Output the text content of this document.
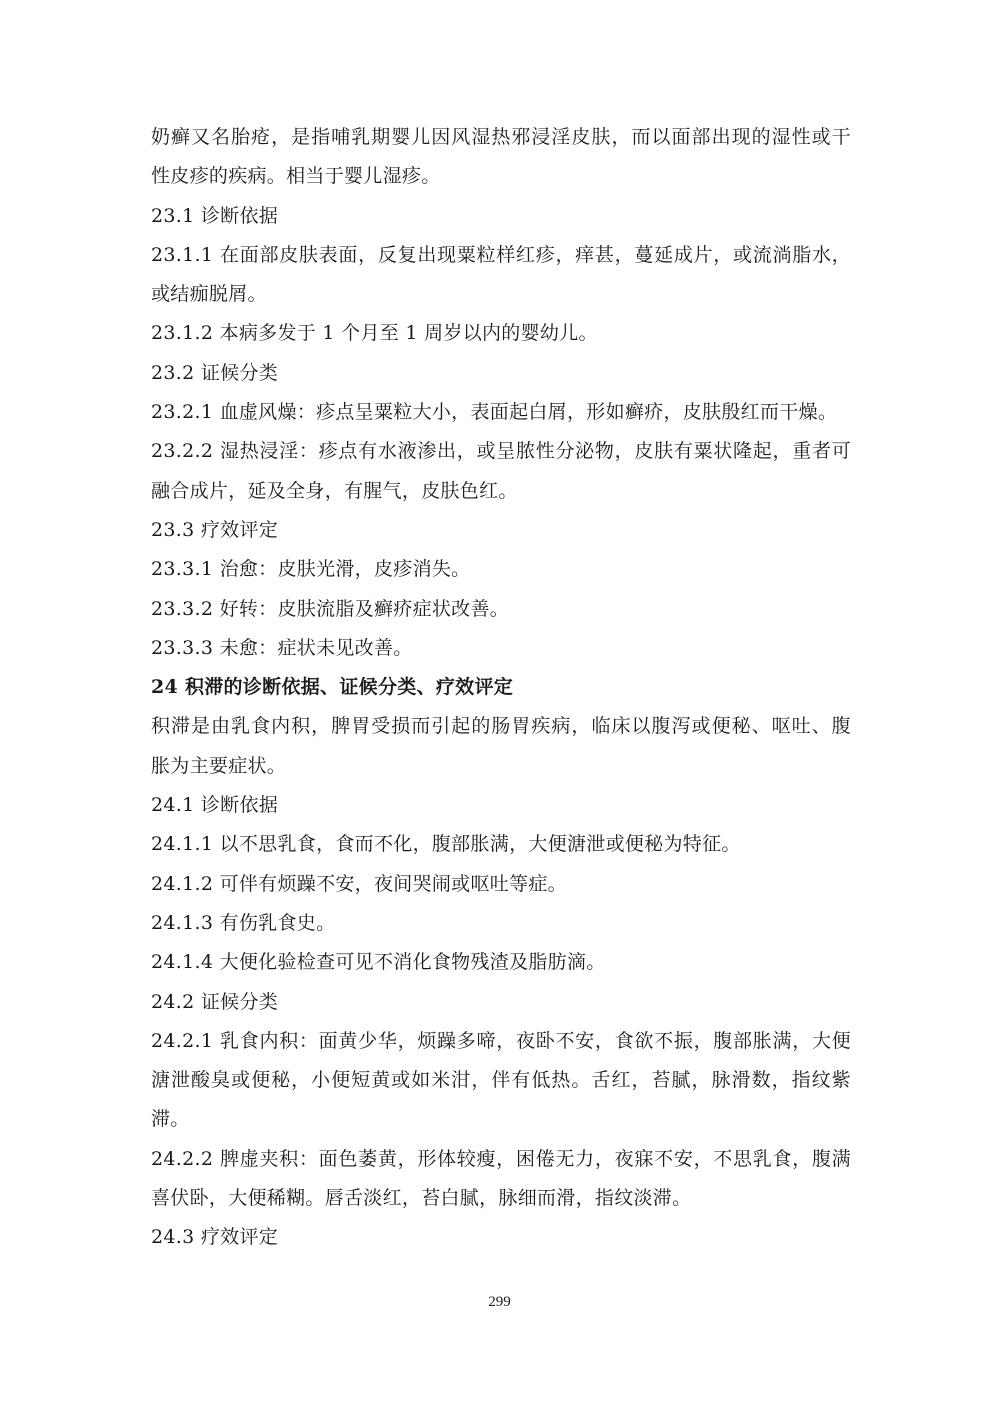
奶癣又名胎疮，是指哺乳期婴儿因风湿热邪浸淫皮肤，而以面部出现的湿性或干
性皮疹的疾病。相当于婴儿湿疹。
23.1 诊断依据
23.1.1 在面部皮肤表面，反复出现粟粒样红疹，痒甚，蔓延成片，或流淌脂水，
或结痂脱屑。
23.1.2 本病多发于 1 个月至 1 周岁以内的婴幼儿。
23.2 证候分类
23.2.1 血虚风燥：疹点呈粟粒大小，表面起白屑，形如癣疥，皮肤殷红而干燥。
23.2.2 湿热浸淫：疹点有水液渗出，或呈脓性分泌物，皮肤有粟状隆起，重者可
融合成片，延及全身，有腥气，皮肤色红。
23.3 疗效评定
23.3.1 治愈：皮肤光滑，皮疹消失。
23.3.2 好转：皮肤流脂及癣疥症状改善。
23.3.3 未愈：症状未见改善。
24 积滞的诊断依据、证候分类、疗效评定
积滞是由乳食内积，脾胃受损而引起的肠胃疾病，临床以腹泻或便秘、呕吐、腹
胀为主要症状。
24.1 诊断依据
24.1.1 以不思乳食，食而不化，腹部胀满，大便溏泄或便秘为特征。
24.1.2 可伴有烦躁不安，夜间哭闹或呕吐等症。
24.1.3 有伤乳食史。
24.1.4 大便化验检查可见不消化食物残渣及脂肪滴。
24.2 证候分类
24.2.1 乳食内积：面黄少华，烦躁多啼，夜卧不安，食欲不振，腹部胀满，大便
溏泄酸臭或便秘，小便短黄或如米泔，伴有低热。舌红，苔腻，脉滑数，指纹紫
滞。
24.2.2 脾虚夹积：面色萎黄，形体较瘦，困倦无力，夜寐不安，不思乳食，腹满
喜伏卧，大便稀糊。唇舌淡红，苔白腻，脉细而滑，指纹淡滞。
24.3 疗效评定
299
